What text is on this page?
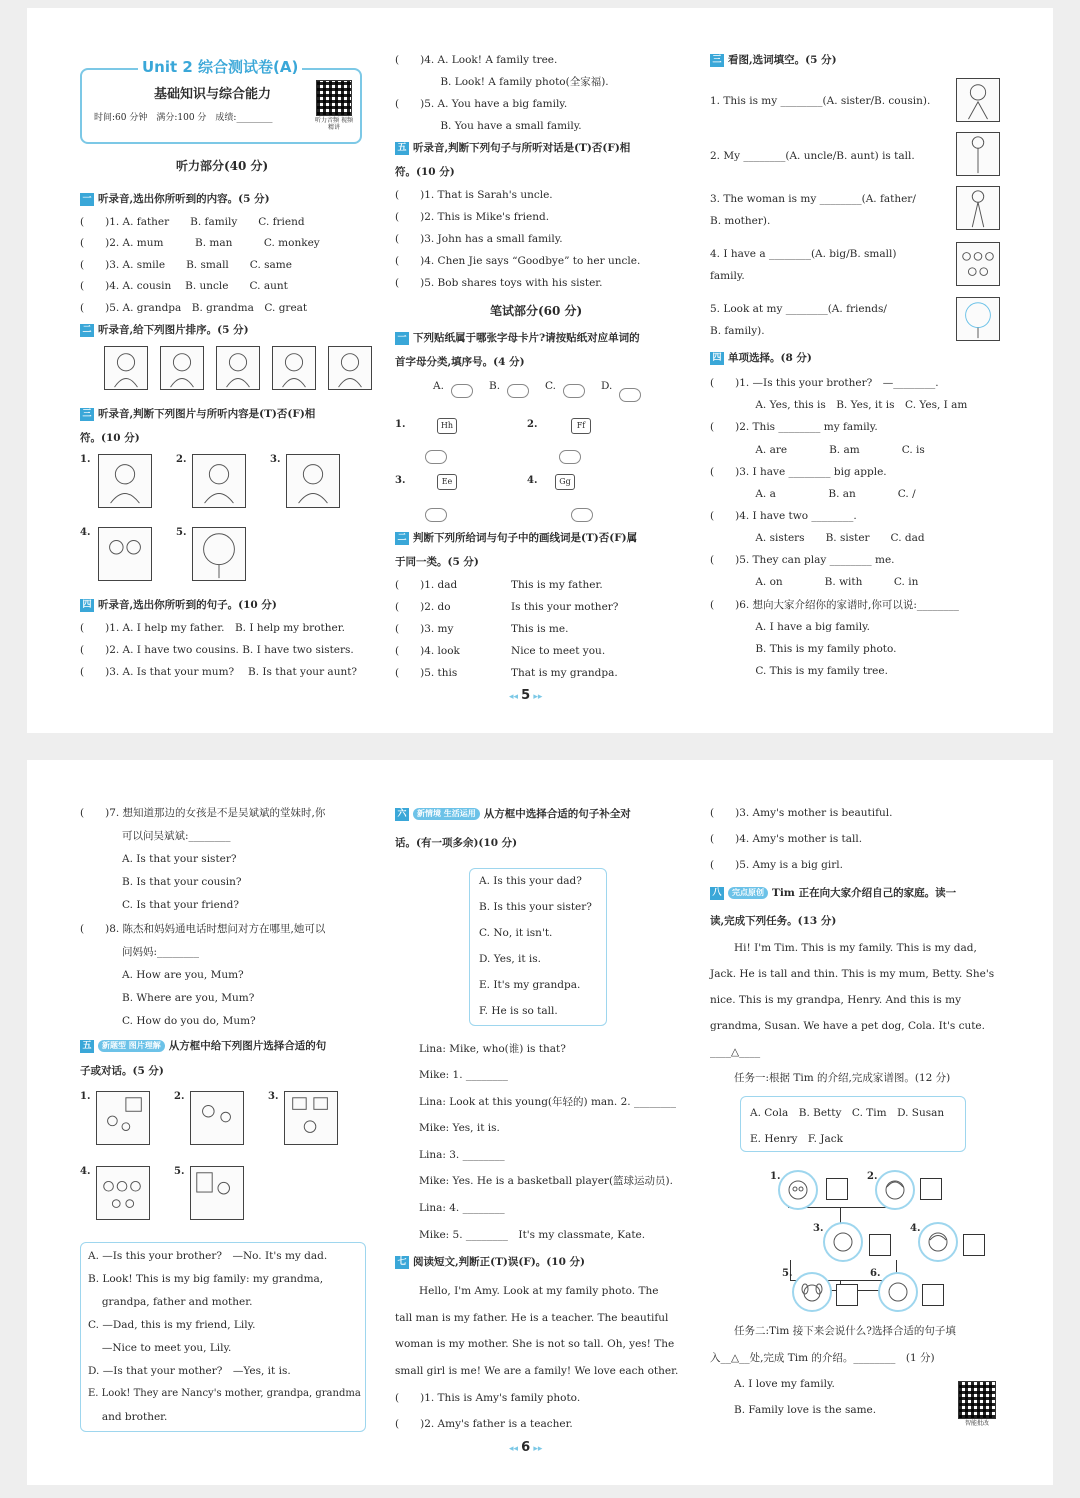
Unit 2 综合测试卷(A)
基础知识与综合能力
时间:60 分钟　满分:100 分　成绩:________	听力音频 视频精讲
听力部分(40 分)
一 听录音,选出你所听到的内容。(5 分)
(　　)1. A. father　　B. family　　C. friend
(　　)2. A. mum　　　B. man　　　C. monkey
(　　)3. A. smile　　B. small　　C. same
(　　)4. A. cousin　 B. uncle　　C. aunt
(　　)5. A. grandpa　B. grandma　C. great
二 听录音,给下列图片排序。(5 分)
三 听录音,判断下列图片与所听内容是(T)否(F)相
符。(10 分)
1.	2.	3.
4.	5.
四 听录音,选出你所听到的句子。(10 分)
(　　)1. A. I help my father.　B. I help my brother.
(　　)2. A. I have two cousins. B. I have two sisters.
(　　)3. A. Is that your mum?　 B. Is that your aunt?
(　　)4. A. Look! A family tree.
　　　　 B. Look! A family photo(全家福).
(　　)5. A. You have a big family.
　　　　 B. You have a small family.
五 听录音,判断下列句子与所听对话是(T)否(F)相
符。(10 分)
(　　)1. That is Sarah's uncle.
(　　)2. This is Mike's friend.
(　　)3. John has a small family.
(　　)4. Chen Jie says “Goodbye” to her uncle.
(　　)5. Bob shares toys with his sister.
笔试部分(60 分)
一 下列贴纸属于哪张字母卡片?请按贴纸对应单词的
首字母分类,填序号。(4 分)
A.	B.	C.	D.
1.	Hh	2.	Ff
3.	Ee	4.	Gg
二 判断下列所给词与句子中的画线词是(T)否(F)属
于同一类。(5 分)
(　　)1. dad	This is my father.
(　　)2. do	Is this your mother?
(　　)3. my	This is me.
(　　)4. look	Nice to meet you.
(　　)5. this	That is my grandpa.
三 看图,选词填空。(5 分)
1. This is my ________(A. sister/B. cousin).
2. My ________(A. uncle/B. aunt) is tall.
3. The woman is my ________(A. father/
B. mother).
4. I have a ________(A. big/B. small)
family.
5. Look at my ________(A. friends/
B. family).
四 单项选择。(8 分)
(　　)1. —Is this your brother?　—________.
　　　　 A. Yes, this is　B. Yes, it is　C. Yes, I am
(　　)2. This ________ my family.
　　　　 A. are　　　　B. am　　　　C. is
(　　)3. I have ________ big apple.
　　　　 A. a　　　　　B. an　　　　C. /
(　　)4. I have two ________.
　　　　 A. sisters　　B. sister　　C. dad
(　　)5. They can play ________ me.
　　　　 A. on　　　　B. with　　　C. in
(　　)6. 想向大家介绍你的家谱时,你可以说:________
　　　　 A. I have a big family.
　　　　 B. This is my family photo.
　　　　 C. This is my family tree.
◂◂ 5 ▸▸
(　　)7. 想知道那边的女孩是不是吴斌斌的堂妹时,你
　　　　可以问吴斌斌:________
　　　　A. Is that your sister?
　　　　B. Is that your cousin?
　　　　C. Is that your friend?
(　　)8. 陈杰和妈妈通电话时想问对方在哪里,她可以
　　　　问妈妈:________
　　　　A. How are you, Mum?
　　　　B. Where are you, Mum?
　　　　C. How do you do, Mum?
五 新题型 图片理解 从方框中给下列图片选择合适的句
子或对话。(5 分)
1.	2.	3.
4.	5.
A. —Is this your brother?　—No. It's my dad.
B. Look! This is my big family: my grandma,
　 grandpa, father and mother.
C. —Dad, this is my friend, Lily.
　 —Nice to meet you, Lily.
D. —Is that your mother?　—Yes, it is.
E. Look! They are Nancy's mother, grandpa, grandma
　 and brother.
六 新情境 生活运用 从方框中选择合适的句子补全对
话。(有一项多余)(10 分)
A. Is this your dad?
B. Is this your sister?
C. No, it isn't.
D. Yes, it is.
E. It's my grandpa.
F. He is so tall.
Lina: Mike, who(谁) is that?
Mike: 1. ________
Lina: Look at this young(年轻的) man. 2. ________
Mike: Yes, it is.
Lina: 3. ________
Mike: Yes. He is a basketball player(篮球运动员).
Lina: 4. ________
Mike: 5. ________　It's my classmate, Kate.
七 阅读短文,判断正(T)误(F)。(10 分)
Hello, I'm Amy. Look at my family photo. The
tall man is my father. He is a teacher. The beautiful
woman is my mother. She is not so tall. Oh, yes! The
small girl is me! We are a family! We love each other.
(　　)1. This is Amy's family photo.
(　　)2. Amy's father is a teacher.
(　　)3. Amy's mother is beautiful.
(　　)4. Amy's mother is tall.
(　　)5. Amy is a big girl.
八 完点原创 Tim 正在向大家介绍自己的家庭。读一
读,完成下列任务。(13 分)
Hi! I'm Tim. This is my family. This is my dad,
Jack. He is tall and thin. This is my mum, Betty. She's
nice. This is my grandpa, Henry. And this is my
grandma, Susan. We have a pet dog, Cola. It's cute.
____△____
任务一:根据 Tim 的介绍,完成家谱图。(12 分)
A. Cola　B. Betty　C. Tim　D. Susan
E. Henry　F. Jack
1.	2.
3.	4.
5.	6.
任务二:Tim 接下来会说什么?选择合适的句子填
入__△__处,完成 Tim 的介绍。________　(1 分)
A. I love my family.
B. Family love is the same.
智能批改
◂◂ 6 ▸▸
